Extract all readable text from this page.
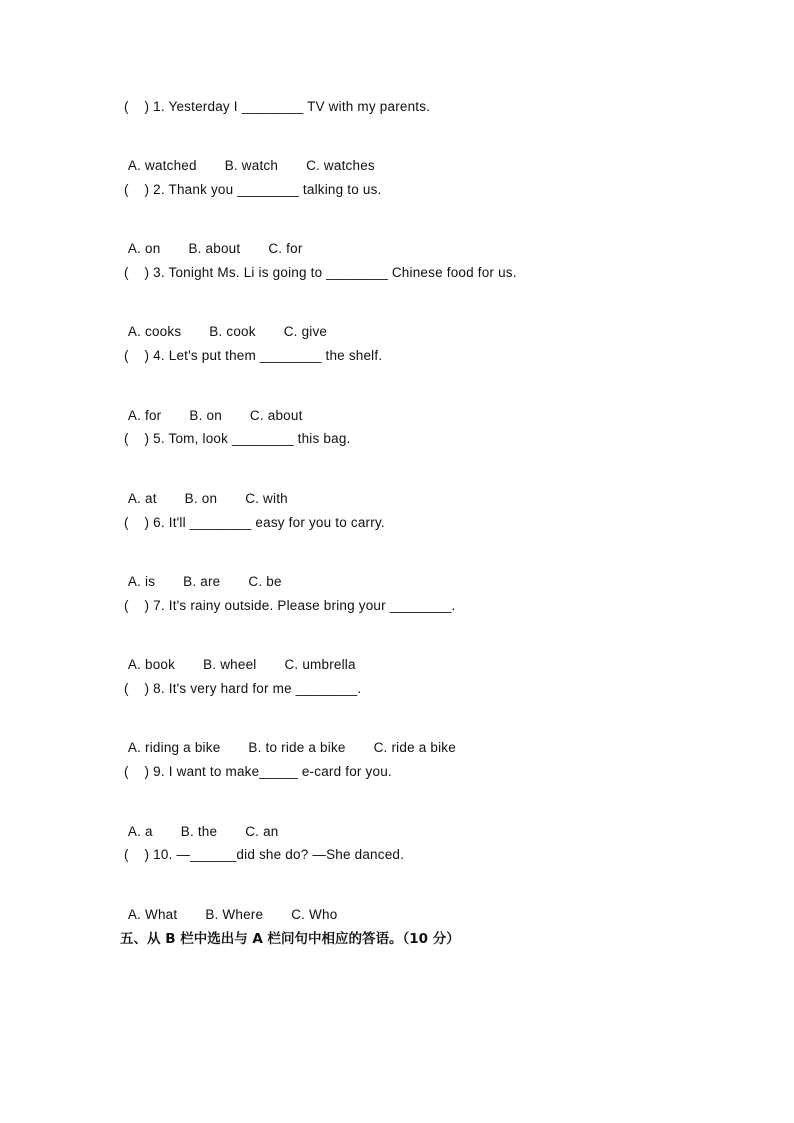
(    ) 1. Yesterday I ________ TV with my parents.

A. watched B. watch C. watches

(    ) 2. Thank you ________ talking to us.

A. on B. about C. for

(    ) 3. Tonight Ms. Li is going to ________ Chinese food for us.

A. cooks B. cook C. give

(    ) 4. Let's put them ________ the shelf.

A. for B. on C. about

(    ) 5. Tom, look ________ this bag.

A. at B. on C. with

(    ) 6. It'll ________ easy for you to carry.

A. is B. are C. be

(    ) 7. It's rainy outside. Please bring your ________.

A. book B. wheel C. umbrella

(    ) 8. It's very hard for me ________.

A. riding a bike B. to ride a bike C. ride a bike

(    ) 9. I want to make_____ e-card for you.

A. a B. the C. an

(    ) 10. —______did she do? —She danced.

A. What B. Where C. Who

五、从 B 栏中选出与 A 栏问句中相应的答语。（10 分）
